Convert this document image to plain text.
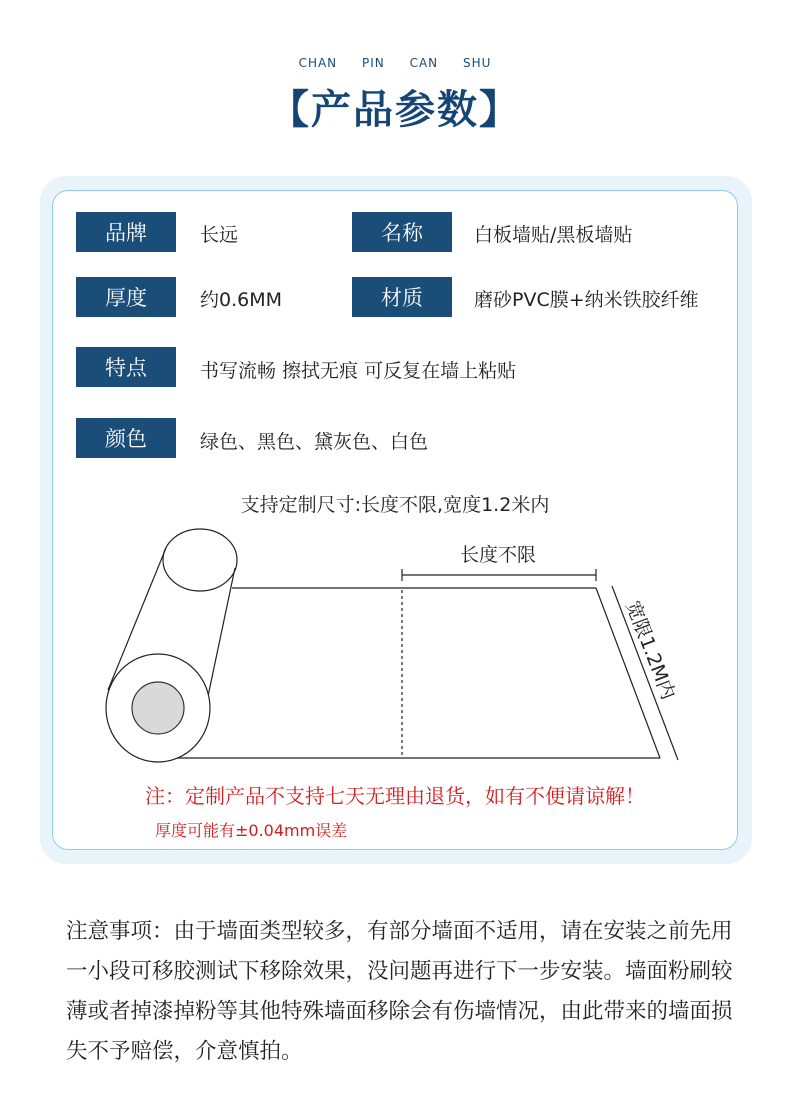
CHAN PIN CAN SHU
【产品参数】
品牌	长远	名称	白板墙贴/黑板墙贴
厚度	约0.6MM	材质	磨砂PVC膜+纳米铁胶纤维
特点	书写流畅 擦拭无痕 可反复在墙上粘贴
颜色	绿色、黑色、黛灰色、白色
支持定制尺寸:长度不限,宽度1.2米内
长度不限
宽限1.2M内
注：定制产品不支持七天无理由退货，如有不便请谅解！
厚度可能有±0.04mm误差
注意事项：由于墙面类型较多，有部分墙面不适用，请在安装之前先用一小段可移胶测试下移除效果，没问题再进行下一步安装。墙面粉刷较薄或者掉漆掉粉等其他特殊墙面移除会有伤墙情况，由此带来的墙面损失不予赔偿，介意慎拍。
